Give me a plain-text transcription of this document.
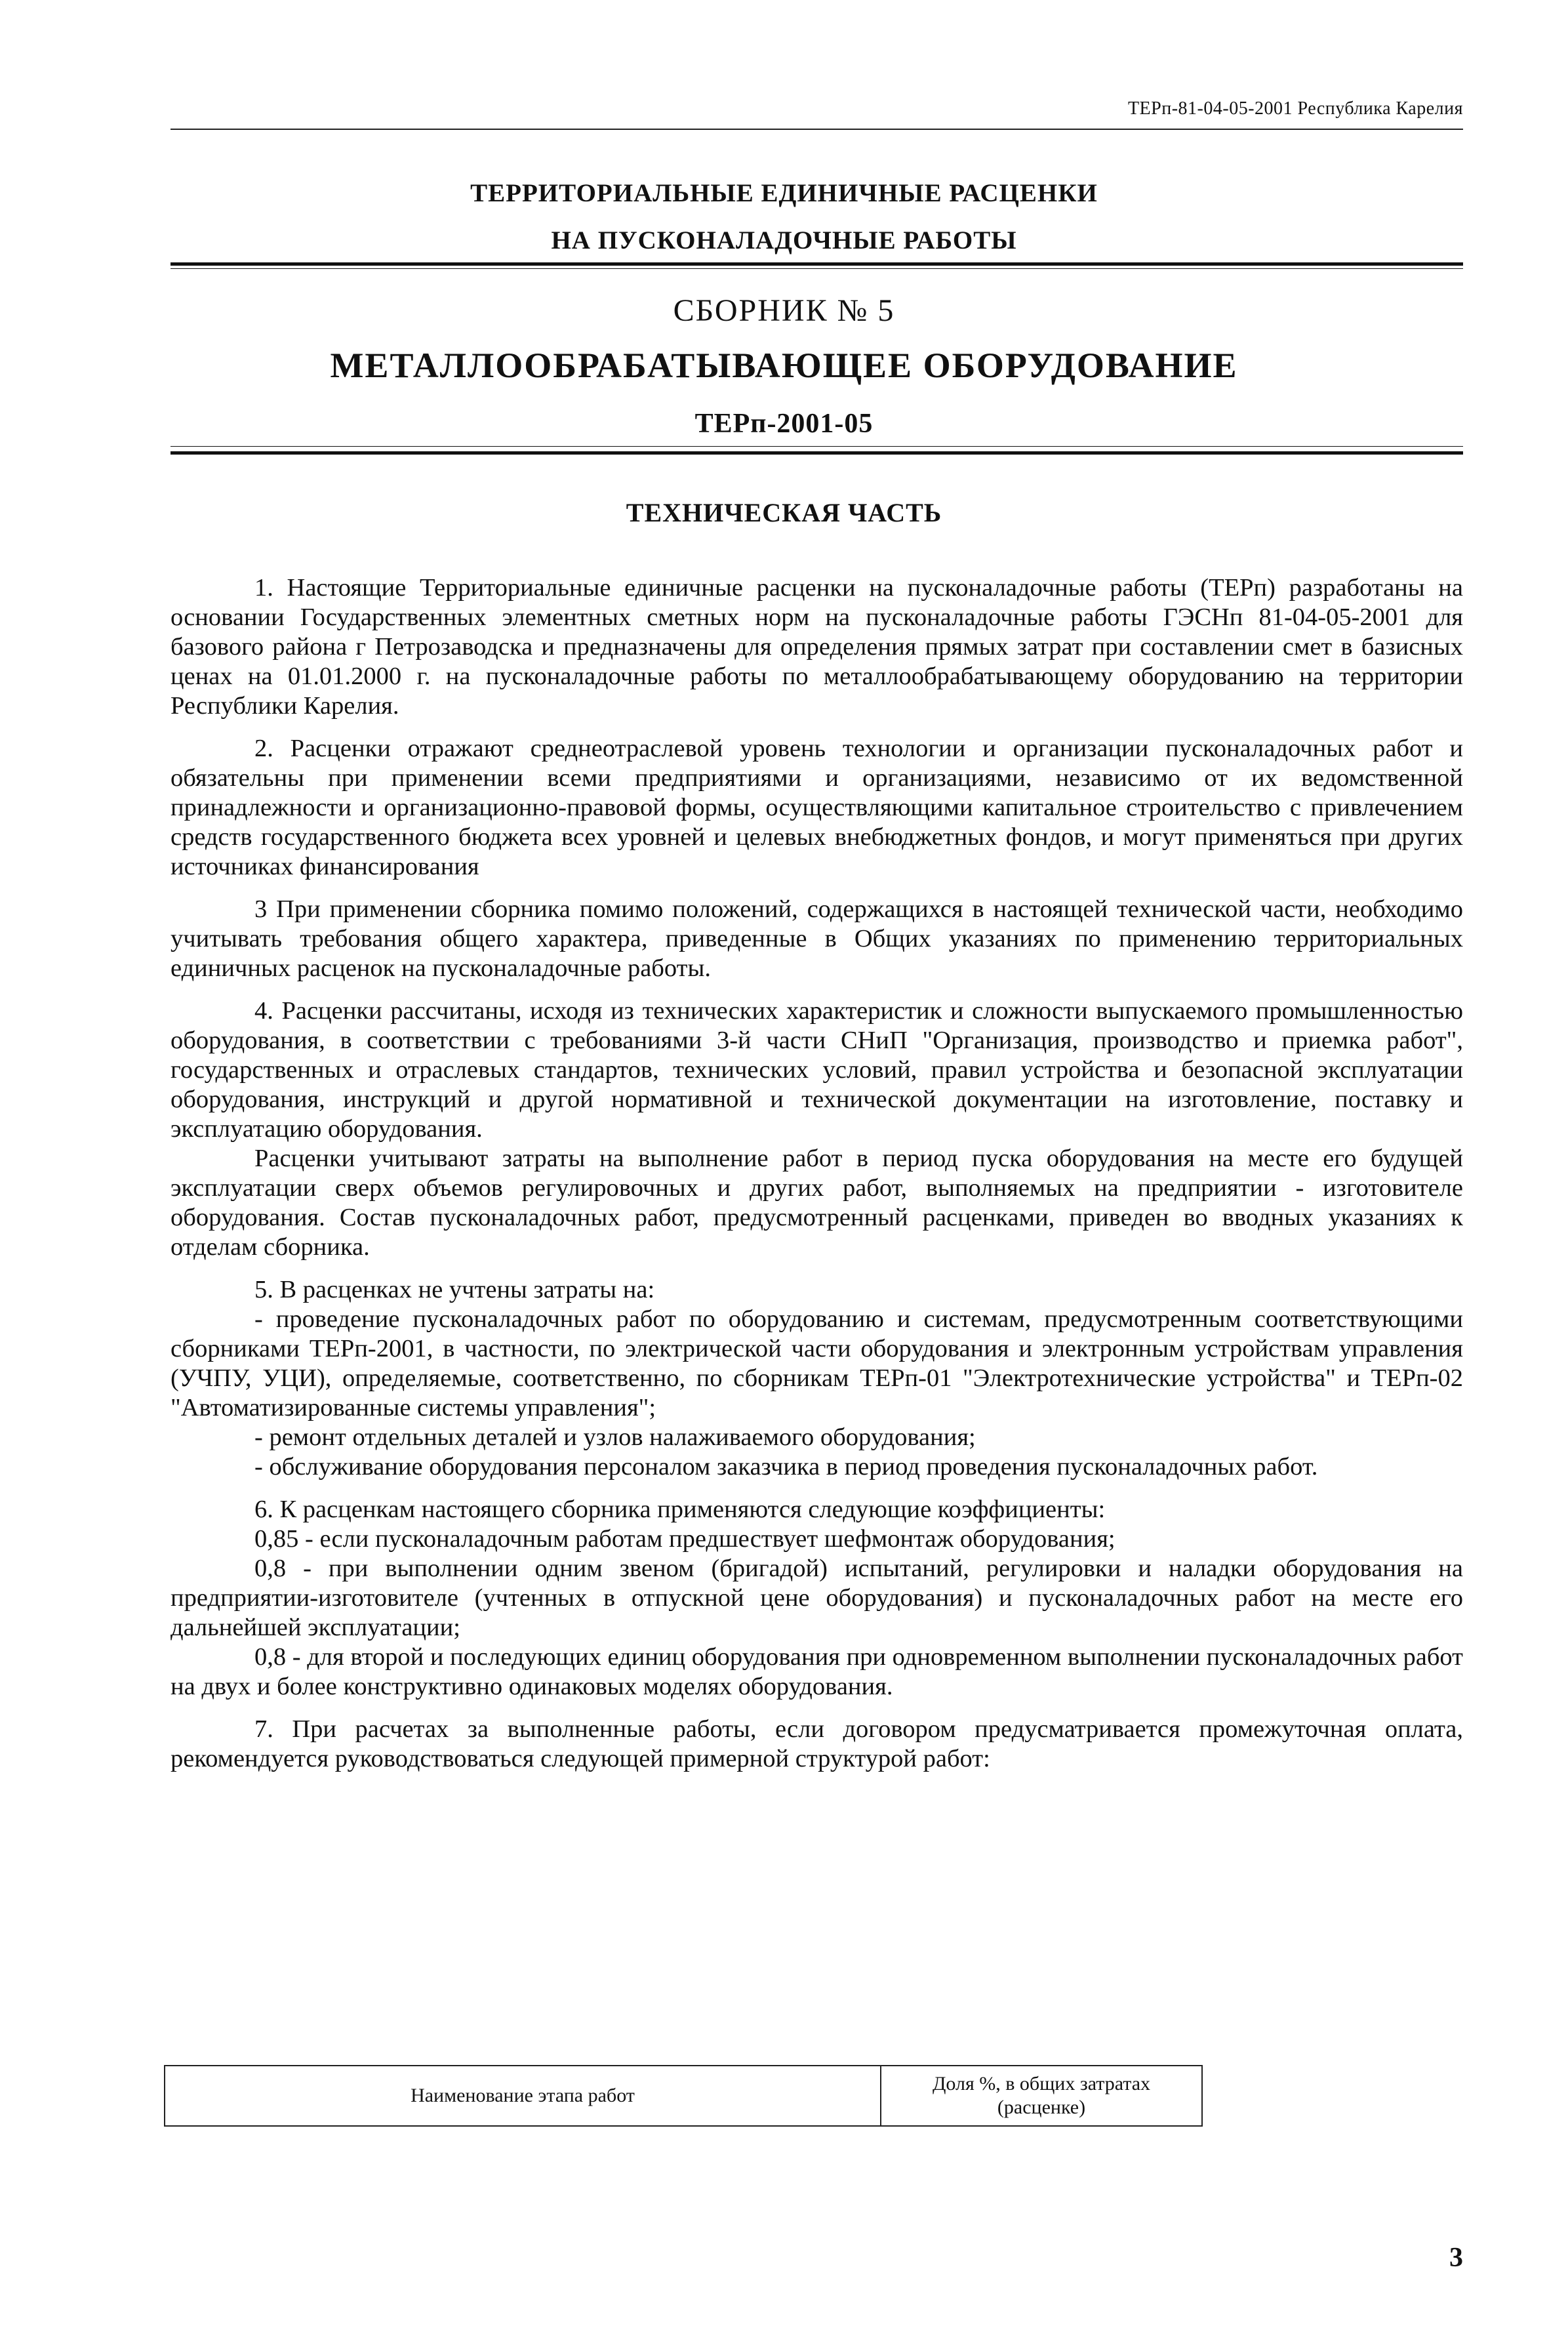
ТЕРп-81-04-05-2001 Республика Карелия
ТЕРРИТОРИАЛЬНЫЕ ЕДИНИЧНЫЕ РАСЦЕНКИ
НА ПУСКОНАЛАДОЧНЫЕ РАБОТЫ
СБОРНИК № 5
МЕТАЛЛООБРАБАТЫВАЮЩЕЕ ОБОРУДОВАНИЕ
ТЕРп-2001-05
ТЕХНИЧЕСКАЯ ЧАСТЬ

1. Настоящие Территориальные единичные расценки на пусконаладочные работы (ТЕРп) разработаны на основании Государственных элементных сметных норм на пусконаладочные работы ГЭСНп 81-04-05-2001 для базового района г Петрозаводска и предназначены для определения прямых затрат при составлении смет в базисных ценах на 01.01.2000 г. на пусконаладочные работы по металлообрабатывающему оборудованию на территории Республики Карелия.

2. Расценки отражают среднеотраслевой уровень технологии и организации пусконаладочных работ и обязательны при применении всеми предприятиями и организациями, независимо от их ведомственной принадлежности и организационно-правовой формы, осуществляющими капитальное строительство с привлечением средств государственного бюджета всех уровней и целевых внебюджетных фондов, и могут применяться при других источниках финансирования

3 При применении сборника помимо положений, содержащихся в настоящей технической части, необходимо учитывать требования общего характера, приведенные в Общих указаниях по применению территориальных единичных расценок на пусконаладочные работы.

4. Расценки рассчитаны, исходя из технических характеристик и сложности выпускаемого промышленностью оборудования, в соответствии с требованиями 3-й части СНиП "Организация, производство и приемка работ", государственных и отраслевых стандартов, технических условий, правил устройства и безопасной эксплуатации оборудования, инструкций и другой нормативной и технической документации на изготовление, поставку и эксплуатацию оборудования.

Расценки учитывают затраты на выполнение работ в период пуска оборудования на месте его будущей эксплуатации сверх объемов регулировочных и других работ, выполняемых на предприятии - изготовителе оборудования. Состав пусконаладочных работ, предусмотренный расценками, приведен во вводных указаниях к отделам сборника.

5. В расценках не учтены затраты на:

- проведение пусконаладочных работ по оборудованию и системам, предусмотренным соответствующими сборниками ТЕРп-2001, в частности, по электрической части оборудования и электронным устройствам управления (УЧПУ, УЦИ), определяемые, соответственно, по сборникам ТЕРп-01 "Электротехнические устройства" и ТЕРп-02 "Автоматизированные системы управления";

- ремонт отдельных деталей и узлов налаживаемого оборудования;

- обслуживание оборудования персоналом заказчика в период проведения пусконаладочных работ.

6. К расценкам настоящего сборника применяются следующие коэффициенты:

0,85 - если пусконаладочным работам предшествует шефмонтаж оборудования;

0,8 - при выполнении одним звеном (бригадой) испытаний, регулировки и наладки оборудования на предприятии-изготовителе (учтенных в отпускной цене оборудования) и пусконаладочных работ на месте его дальнейшей эксплуатации;

0,8 - для второй и последующих единиц оборудования при одновременном выполнении пусконаладочных работ на двух и более конструктивно одинаковых моделях оборудования.

7. При расчетах за выполненные работы, если договором предусматривается промежуточная оплата, рекомендуется руководствоваться следующей примерной структурой работ:

Наименование этапа работ	Доля %, в общих затратах (расценке)
3
